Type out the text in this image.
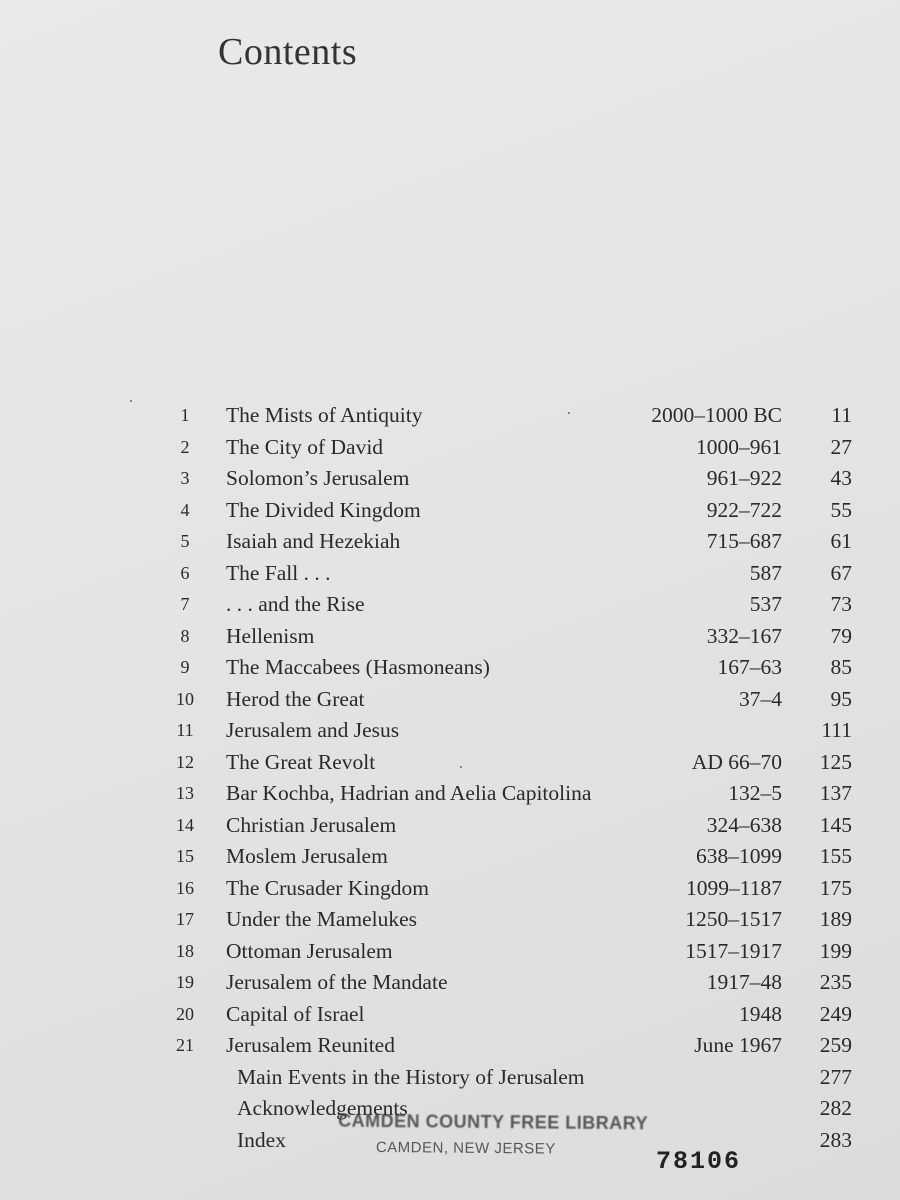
Contents
1	The Mists of Antiquity	2000–1000 BC	11
2	The City of David	1000–961	27
3	Solomon’s Jerusalem	961–922	43
4	The Divided Kingdom	922–722	55
5	Isaiah and Hezekiah	715–687	61
6	The Fall . . .	587	67
7	. . . and the Rise	537	73
8	Hellenism	332–167	79
9	The Maccabees (Hasmoneans)	167–63	85
10	Herod the Great	37–4	95
11	Jerusalem and Jesus	111
12	The Great Revolt	AD 66–70	125
13	Bar Kochba, Hadrian and Aelia Capitolina	132–5	137
14	Christian Jerusalem	324–638	145
15	Moslem Jerusalem	638–1099	155
16	The Crusader Kingdom	1099–1187	175
17	Under the Mamelukes	1250–1517	189
18	Ottoman Jerusalem	1517–1917	199
19	Jerusalem of the Mandate	1917–48	235
20	Capital of Israel	1948	249
21	Jerusalem Reunited	June 1967	259
Main Events in the History of Jerusalem	277
Acknowledgements	282
Index	283
CAMDEN COUNTY FREE LIBRARY
CAMDEN, NEW JERSEY	78106
